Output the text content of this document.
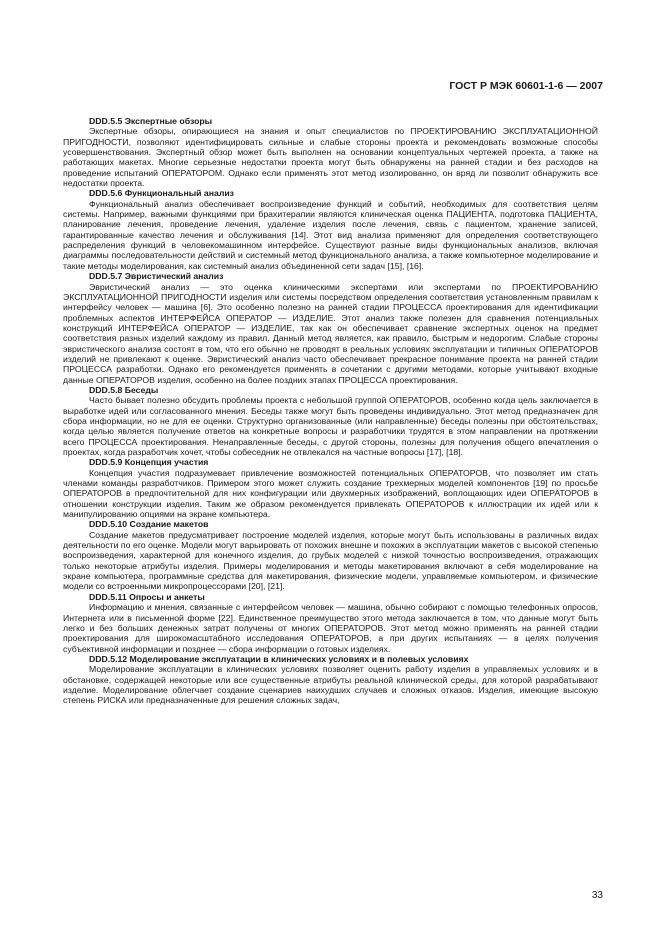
ГОСТ Р МЭК 60601-1-6 — 2007

DDD.5.5 Экспертные обзоры

Экспертные обзоры, опирающиеся на знания и опыт специалистов по ПРОЕКТИРОВАНИЮ ЭКСПЛУАТАЦИОННОЙ ПРИГОДНОСТИ, позволяют идентифицировать сильные и слабые стороны проекта и рекомендовать возможные способы усовершенствования. Экспертный обзор может быть выполнен на основании концептуальных чертежей проекта, а также на работающих макетах. Многие серьезные недостатки проекта могут быть обнаружены на ранней стадии и без расходов на проведение испытаний ОПЕРАТОРОМ. Однако если применять этот метод изолированно, он вряд ли позволит обнаружить все недостатки проекта.

DDD.5.6 Функциональный анализ

Функциональный анализ обеспечивает воспроизведение функций и событий, необходимых для соответствия целям системы. Например, важными функциями при брахитерапии являются клиническая оценка ПАЦИЕНТА, подготовка ПАЦИЕНТА, планирование лечения, проведение лечения, удаление изделия после лечения, связь с пациентом, хранение записей, гарантированные качество лечения и обслуживания [14]. Этот вид анализа применяют для определения соответствующего распределения функций в человекомашинном интерфейсе. Существуют разные виды функциональных анализов, включая диаграммы последовательности действий и системный метод функционального анализа, а также компьютерное моделирование и такие методы моделирования, как системный анализ объединенной сети задач [15], [16].

DDD.5.7 Эвристический анализ

Эвристический анализ — это оценка клиническими экспертами или экспертами по ПРОЕКТИРОВАНИЮ ЭКСПЛУАТАЦИОННОЙ ПРИГОДНОСТИ изделия или системы посредством определения соответствия установленным правилам к интерфейсу человек — машина [6]. Это особенно полезно на ранней стадии ПРОЦЕССА проектирования для идентификации проблемных аспектов ИНТЕРФЕЙСА ОПЕРАТОР — ИЗДЕЛИЕ. Этот анализ также полезен для сравнения потенциальных конструкций ИНТЕРФЕЙСА ОПЕРАТОР — ИЗДЕЛИЕ, так как он обеспечивает сравнение экспертных оценок на предмет соответствия разных изделий каждому из правил. Данный метод является, как правило, быстрым и недорогим. Слабые стороны эвристического анализа состоят в том, что его обычно не проводят в реальных условиях эксплуатации и типичных ОПЕРАТОРОВ изделий не привлекают к оценке. Эвристический анализ часто обеспечивает прекрасное понимание проекта на ранней стадии ПРОЦЕССА разработки. Однако его рекомендуется применять в сочетании с другими методами, которые учитывают входные данные ОПЕРАТОРОВ изделия, особенно на более поздних этапах ПРОЦЕССА проектирования.

DDD.5.8 Беседы

Часто бывает полезно обсудить проблемы проекта с небольшой группой ОПЕРАТОРОВ, особенно когда цель заключается в выработке идей или согласованного мнения. Беседы также могут быть проведены индивидуально. Этот метод предназначен для сбора информации, но не для ее оценки. Структурно организованные (или направленные) беседы полезны при обстоятельствах, когда целью является получение ответов на конкретные вопросы и разработчики трудятся в этом направлении на протяжении всего ПРОЦЕССА проектирования. Ненаправленные беседы, с другой стороны, полезны для получения общего впечатления о проектах, когда разработчик хочет, чтобы собеседник не отвлекался на частные вопросы [17], [18].

DDD.5.9 Концепция участия

Концепция участия подразумевает привлечение возможностей потенциальных ОПЕРАТОРОВ, что позволяет им стать членами команды разработчиков. Примером этого может служить создание трехмерных моделей компонентов [19] по просьбе ОПЕРАТОРОВ в предпочтительной для них конфигурации или двухмерных изображений, воплощающих идеи ОПЕРАТОРОВ в отношении конструкции изделия. Таким же образом рекомендуется привлекать ОПЕРАТОРОВ к иллюстрации их идей или к манипулированию опциями на экране компьютера.

DDD.5.10 Создание макетов

Создание макетов предусматривает построение моделей изделия, которые могут быть использованы в различных видах деятельности по его оценке. Модели могут варьировать от похожих внешне и похожих в эксплуатации макетов с высокой степенью воспроизведения, характерной для конечного изделия, до грубых моделей с низкой точностью воспроизведения, отражающих только некоторые атрибуты изделия. Примеры моделирования и методы макетирования включают в себя моделирование на экране компьютера, программные средства для макетирования, физические модели, управляемые компьютером, и физические модели со встроенными микропроцессорами [20], [21].

DDD.5.11 Опросы и анкеты

Информацию и мнения, связанные с интерфейсом человек — машина, обычно собирают с помощью телефонных опросов, Интернета или в письменной форме [22]. Единственное преимущество этого метода заключается в том, что данные могут быть легко и без больших денежных затрат получены от многих ОПЕРАТОРОВ. Этот метод можно применять на ранней стадии проектирования для широкомасштабного исследования ОПЕРАТОРОВ, а при других испытаниях — в целях получения субъективной информации и позднее — сбора информации о готовых изделиях.

DDD.5.12 Моделирование эксплуатации в клинических условиях и в полевых условиях

Моделирование эксплуатации в клинических условиях позволяет оценить работу изделия в управляемых условиях и в обстановке, содержащей некоторые или все существенные атрибуты реальной клинической среды, для которой разрабатывают изделие. Моделирование облегчает создание сценариев наихудших случаев и сложных отказов. Изделия, имеющие высокую степень РИСКА или предназначенные для решения сложных задач,

33
